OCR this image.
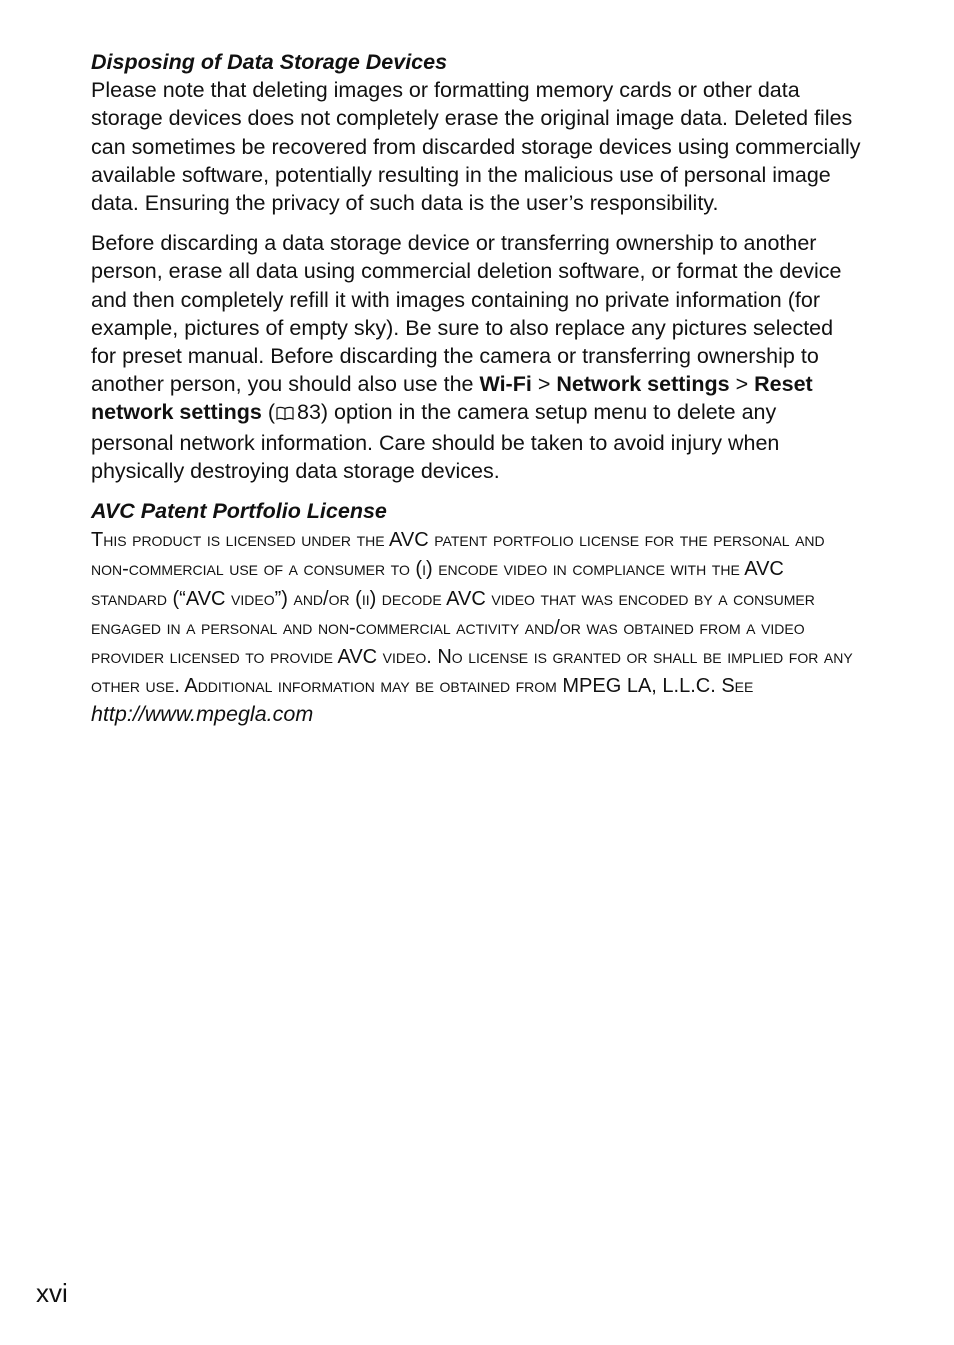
Disposing of Data Storage Devices

Please note that deleting images or formatting memory cards or other data storage devices does not completely erase the original image data. Deleted files can sometimes be recovered from discarded storage devices using commercially available software, potentially resulting in the malicious use of personal image data. Ensuring the privacy of such data is the user’s responsibility.

Before discarding a data storage device or transferring ownership to another person, erase all data using commercial deletion software, or format the device and then completely refill it with images containing no private information (for example, pictures of empty sky). Be sure to also replace any pictures selected for preset manual. Before discarding the camera or transferring ownership to another person, you should also use the Wi-Fi > Network settings > Reset network settings ( 83) option in the camera setup menu to delete any personal network information. Care should be taken to avoid injury when physically destroying data storage devices.

AVC Patent Portfolio License

This product is licensed under the AVC patent portfolio license for the personal and non-commercial use of a consumer to (i) encode video in compliance with the AVC standard (“AVC video”) and/or (ii) decode AVC video that was encoded by a consumer engaged in a personal and non-commercial activity and/or was obtained from a video provider licensed to provide AVC video. No license is granted or shall be implied for any other use. Additional information may be obtained from MPEG LA, L.L.C. See http://www.mpegla.com

xvi
